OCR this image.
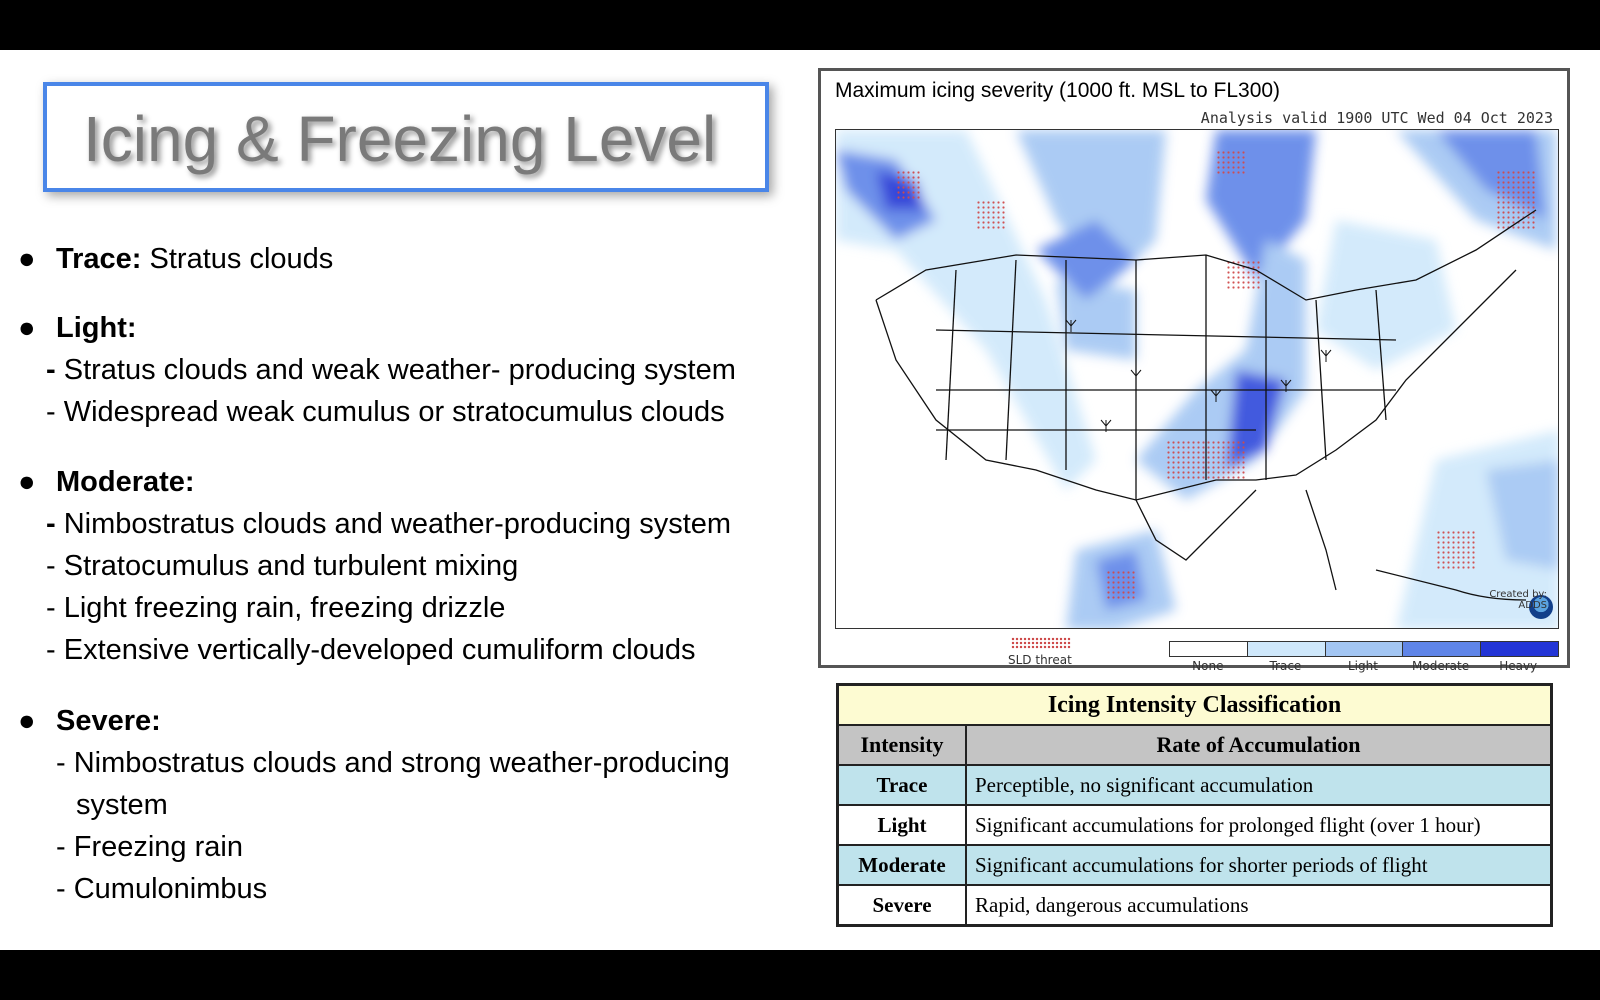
Icing & Freezing Level
● Trace: Stratus clouds
● Light:
- Stratus clouds and weak weather- producing system
- Widespread weak cumulus or stratocumulus clouds
● Moderate:
- Nimbostratus clouds and weather-producing system
- Stratocumulus and turbulent mixing
- Light freezing rain, freezing drizzle
- Extensive vertically-developed cumuliform clouds
● Severe:
- Nimbostratus clouds and strong weather-producing
system
- Freezing rain
- Cumulonimbus
Maximum icing severity (1000 ft. MSL to FL300)
Analysis valid 1900 UTC Wed 04 Oct 2023
Created by:
ADDS
SLD threat	None	Trace	Light	Moderate	Heavy
Icing Intensity Classification	
Intensity	Rate of Accumulation
Trace	Perceptible, no significant accumulation
Light	Significant accumulations for prolonged flight (over 1 hour)
Moderate	Significant accumulations for shorter periods of flight
Severe	Rapid, dangerous accumulations
